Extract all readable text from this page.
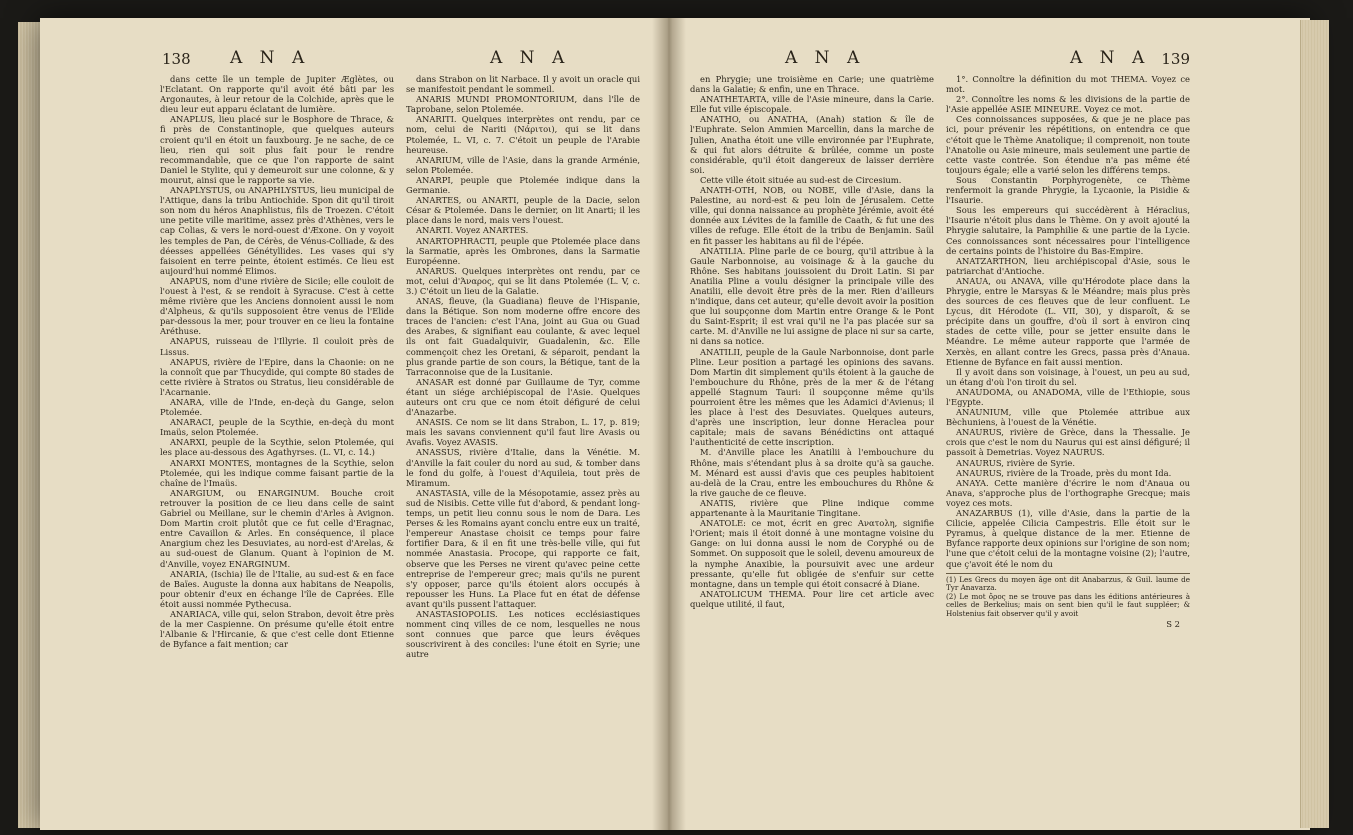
138 A N A	A N A

dans cette île un temple de Jupiter Æglètes, ou l'Eclatant. On rapporte qu'il avoit été bâti par les Argonautes, à leur retour de la Colchide, après que le dieu leur eut apparu éclatant de lumière.

ANAPLUS, lieu placé sur le Bosphore de Thrace, & fi près de Constantinople, que quelques auteurs croient qu'il en étoit un fauxbourg. Je ne sache, de ce lieu, rien qui soit plus fait pour le rendre recommandable, que ce que l'on rapporte de saint Daniel le Stylite, qui y demeuroit sur une colonne, & y mourut, ainsi que le rapporte sa vie.

ANAPLYSTUS, ou ANAPHLYSTUS, lieu municipal de l'Attique, dans la tribu Antiochide. Spon dit qu'il tiroit son nom du héros Anaphlistus, fils de Troezen. C'étoit une petite ville maritime, assez près d'Athènes, vers le cap Colias, & vers le nord-ouest d'Æxone. On y voyoit les temples de Pan, de Cérès, de Vénus-Colliade, & des déesses appellées Génétyllides. Les vases qui s'y faisoient en terre peinte, étoient estimés. Ce lieu est aujourd'hui nommé Elimos.

ANAPUS, nom d'une rivière de Sicile; elle couloit de l'ouest à l'est, & se rendoit à Syracuse. C'est à cette même rivière que les Anciens donnoient aussi le nom d'Alpheus, & qu'ils supposoient être venus de l'Elide par-dessous la mer, pour trouver en ce lieu la fontaine Aréthuse.

ANAPUS, ruisseau de l'Illyrie. Il couloit près de Lissus.

ANAPUS, rivière de l'Epire, dans la Chaonie: on ne la connoît que par Thucydide, qui compte 80 stades de cette rivière à Stratos ou Stratus, lieu considérable de l'Acarnanie.

ANARA, ville de l'Inde, en-deçà du Gange, selon Ptolemée.

ANARACI, peuple de la Scythie, en-deçà du mont Imaüs, selon Ptolemée.

ANARXI, peuple de la Scythie, selon Ptolemée, qui les place au-dessous des Agathyrses. (L. VI, c. 14.)

ANARXI MONTES, montagnes de la Scythie, selon Ptolemée, qui les indique comme faisant partie de la chaîne de l'Imaüs.

ANARGIUM, ou ENARGINUM. Bouche croit retrouver la position de ce lieu dans celle de saint Gabriel ou Meillane, sur le chemin d'Arles à Avignon. Dom Martin croit plutôt que ce fut celle d'Eragnac, entre Cavaillon & Arles. En conséquence, il place Anargium chez les Desuviates, au nord-est d'Arelas, & au sud-ouest de Glanum. Quant à l'opinion de M. d'Anville, voyez ENARGINUM.

ANARIA, (Ischia) île de l'Italie, au sud-est & en face de Baïes. Auguste la donna aux habitans de Neapolis, pour obtenir d'eux en échange l'île de Caprées. Elle étoit aussi nommée Pythecusa.

ANARIACA, ville qui, selon Strabon, devoit être près de la mer Caspienne. On présume qu'elle étoit entre l'Albanie & l'Hircanie, & que c'est celle dont Etienne de Byfance a fait mention; car

dans Strabon on lit Narbace. Il y avoit un oracle qui se manifestoit pendant le sommeil.

ANARIS MUNDI PROMONTORIUM, dans l'île de Taprobane, selon Ptolemée.

ANARITI. Quelques interprètes ont rendu, par ce nom, celui de Nariti (Νάριτοι), qui se lit dans Ptolemée, L. VI, c. 7. C'étoit un peuple de l'Arabie heureuse.

ANARIUM, ville de l'Asie, dans la grande Arménie, selon Ptolemée.

ANARPI, peuple que Ptolemée indique dans la Germanie.

ANARTES, ou ANARTI, peuple de la Dacie, selon César & Ptolemée. Dans le dernier, on lit Anarti; il les place dans le nord, mais vers l'ouest.

ANARTI. Voyez ANARTES.

ANARTOPHRACTI, peuple que Ptolemée place dans la Sarmatie, après les Ombrones, dans la Sarmatie Européenne.

ANARUS. Quelques interprètes ont rendu, par ce mot, celui d'Άναρος, qui se lit dans Ptolemée (L. V, c. 3.) C'étoit un lieu de la Galatie.

ANAS, fleuve, (la Guadiana) fleuve de l'Hispanie, dans la Bétique. Son nom moderne offre encore des traces de l'ancien: c'est l'Ana, joint au Gua ou Guad des Arabes, & signifiant eau coulante, & avec lequel ils ont fait Guadalquivir, Guadalenin, &c. Elle commençoit chez les Oretani, & séparoit, pendant la plus grande partie de son cours, la Bétique, tant de la Tarraconnoise que de la Lusitanie.

ANASAR est donné par Guillaume de Tyr, comme étant un siége archiépiscopal de l'Asie. Quelques auteurs ont cru que ce nom étoit défiguré de celui d'Anazarbe.

ANASIS. Ce nom se lit dans Strabon, L. 17, p. 819; mais les savans conviennent qu'il faut lire Avasis ou Avafis. Voyez AVASIS.

ANASSUS, rivière d'Italie, dans la Vénétie. M. d'Anville la fait couler du nord au sud, & tomber dans le fond du golfe, à l'ouest d'Aquileia, tout près de Miramum.

ANASTASIA, ville de la Mésopotamie, assez près au sud de Nisibis. Cette ville fut d'abord, & pendant long-temps, un petit lieu connu sous le nom de Dara. Les Perses & les Romains ayant conclu entre eux un traité, l'empereur Anastase choisit ce temps pour faire fortifier Dara, & il en fit une très-belle ville, qui fut nommée Anastasia. Procope, qui rapporte ce fait, observe que les Perses ne virent qu'avec peine cette entreprise de l'empereur grec; mais qu'ils ne purent s'y opposer, parce qu'ils étoient alors occupés à repousser les Huns. La Place fut en état de défense avant qu'ils pussent l'attaquer.

ANASTASIOPOLIS. Les notices ecclésiastiques nomment cinq villes de ce nom, lesquelles ne nous sont connues que parce que leurs évêques souscrivirent à des conciles: l'une étoit en Syrie; une autre

A N A	A N A 139

en Phrygie; une troisième en Carie; une quatrième dans la Galatie; & enfin, une en Thrace.

ANATHETARTA, ville de l'Asie mineure, dans la Carie. Elle fut ville épiscopale.

ANATHO, ou ANATHA, (Anah) station & île de l'Euphrate. Selon Ammien Marcellin, dans la marche de Julien, Anatha étoit une ville environnée par l'Euphrate, & qui fut alors détruite & brûlée, comme un poste considérable, qu'il étoit dangereux de laisser derrière soi.

Cette ville étoit située au sud-est de Circesium.

ANATH-OTH, NOB, ou NOBE, ville d'Asie, dans la Palestine, au nord-est & peu loin de Jérusalem. Cette ville, qui donna naissance au prophète Jérémie, avoit été donnée aux Lévites de la famille de Caath, & fut une des villes de refuge. Elle étoit de la tribu de Benjamin. Saül en fit passer les habitans au fil de l'épée.

ANATILIA. Pline parle de ce bourg, qu'il attribue à la Gaule Narbonnoise, au voisinage & à la gauche du Rhône. Ses habitans jouissoient du Droit Latin. Si par Anatilia Pline a voulu désigner la principale ville des Anatilii, elle devoit être près de la mer. Rien d'ailleurs n'indique, dans cet auteur, qu'elle devoit avoir la position que lui soupçonne dom Martin entre Orange & le Pont du Saint-Esprit; il est vrai qu'il ne l'a pas placée sur sa carte. M. d'Anville ne lui assigne de place ni sur sa carte, ni dans sa notice.

ANATILII, peuple de la Gaule Narbonnoise, dont parle Pline. Leur position a partagé les opinions des savans. Dom Martin dit simplement qu'ils étoient à la gauche de l'embouchure du Rhône, près de la mer & de l'étang appellé Stagnum Tauri: il soupçonne même qu'ils pourroient être les mêmes que les Adamici d'Avienus; il les place à l'est des Desuviates. Quelques auteurs, d'après une inscription, leur donne Heraclea pour capitale; mais de savans Bénédictins ont attaqué l'authenticité de cette inscription.

M. d'Anville place les Anatilii à l'embouchure du Rhône, mais s'étendant plus à sa droite qu'à sa gauche. M. Ménard est aussi d'avis que ces peuples habitoient au-delà de la Crau, entre les embouchures du Rhône & la rive gauche de ce fleuve.

ANATIS, rivière que Pline indique comme appartenante à la Mauritanie Tingitane.

ANATOLE: ce mot, écrit en grec Ανατολη, signifie l'Orient; mais il étoit donné à une montagne voisine du Gange: on lui donna aussi le nom de Coryphé ou de Sommet. On supposoit que le soleil, devenu amoureux de la nymphe Anaxibie, la poursuivit avec une ardeur pressante, qu'elle fut obligée de s'enfuir sur cette montagne, dans un temple qui étoit consacré à Diane.

ANATOLICUM THEMA. Pour lire cet article avec quelque utilité, il faut,

1°. Connoître la définition du mot THEMA. Voyez ce mot.

2°. Connoître les noms & les divisions de la partie de l'Asie appellée ASIE MINEURE. Voyez ce mot.

Ces connoissances supposées, & que je ne place pas ici, pour prévenir les répétitions, on entendra ce que c'étoit que le Thème Anatolique; il comprenoit, non toute l'Anatolie ou Asie mineure, mais seulement une partie de cette vaste contrée. Son étendue n'a pas même été toujours égale; elle a varié selon les différens temps.

Sous Constantin Porphyrogenète, ce Thème renfermoit la grande Phrygie, la Lycaonie, la Pisidie & l'Isaurie.

Sous les empereurs qui succédèrent à Héraclius, l'Isaurie n'étoit plus dans le Thème. On y avoit ajouté la Phrygie salutaire, la Pamphilie & une partie de la Lycie. Ces connoissances sont nécessaires pour l'intelligence de certains points de l'histoire du Bas-Empire.

ANATZARTHON, lieu archiépiscopal d'Asie, sous le patriarchat d'Antioche.

ANAUA, ou ANAVA, ville qu'Hérodote place dans la Phrygie, entre le Marsyas & le Méandre; mais plus près des sources de ces fleuves que de leur confluent. Le Lycus, dit Hérodote (L. VII, 30), y disparoît, & se précipite dans un gouffre, d'où il sort à environ cinq stades de cette ville, pour se jetter ensuite dans le Méandre. Le même auteur rapporte que l'armée de Xerxès, en allant contre les Grecs, passa près d'Anaua. Etienne de Byfance en fait aussi mention.

Il y avoit dans son voisinage, à l'ouest, un peu au sud, un étang d'où l'on tiroit du sel.

ANAUDOMA, ou ANADOMA, ville de l'Ethiopie, sous l'Egypte.

ANAUNIUM, ville que Ptolemée attribue aux Bèchuniens, à l'ouest de la Vénétie.

ANAURUS, rivière de Grèce, dans la Thessalie. Je crois que c'est le nom du Naurus qui est ainsi défiguré; il passoit à Demetrias. Voyez NAURUS.

ANAURUS, rivière de Syrie.

ANAURUS, rivière de la Troade, près du mont Ida.

ANAYA. Cette manière d'écrire le nom d'Anaua ou Anava, s'approche plus de l'orthographe Grecque; mais voyez ces mots.

ANAZARBUS (1), ville d'Asie, dans la partie de la Cilicie, appelée Cilicia Campestris. Elle étoit sur le Pyramus, à quelque distance de la mer. Etienne de Byfance rapporte deux opinions sur l'origine de son nom; l'une que c'étoit celui de la montagne voisine (2); l'autre, que ç'avoit été le nom du

(1) Les Grecs du moyen âge ont dit Anabarzus, & Guil. laume de Tyr Anavarza.
(2) Le mot ὄρος ne se trouve pas dans les éditions antérieures à celles de Berkelius; mais on sent bien qu'il le faut suppléer; & Holstenius fait observer qu'il y avoit
S 2
